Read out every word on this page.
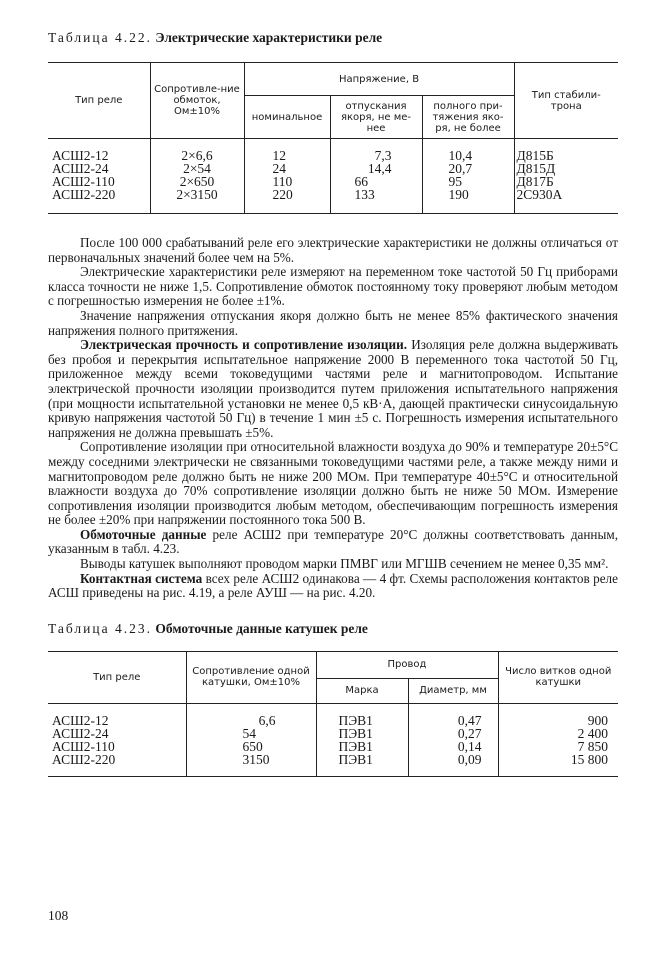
Таблица 4.22. Электрические характеристики реле
Тип реле	Сопротивле-ние обмоток, Ом±10%	Напряжение, В			Тип стабили-трона
		номинальное	отпускания якоря, не ме-нее	полного при-тяжения яко-ря, не более	
АСШ2-12	2×6,6	12	7,3	10,4	Д815Б
АСШ2-24	2×54	24	14,4	20,7	Д815Д
АСШ2-110	2×650	110	66	95	Д817Б
АСШ2-220	2×3150	220	133	190	2С930А

После 100 000 срабатываний реле его электрические характеристики не должны отличаться от первоначальных значений более чем на 5%.

Электрические характеристики реле измеряют на переменном токе частотой 50 Гц приборами класса точности не ниже 1,5. Сопротивление обмоток постоянному току проверяют любым методом с погрешностью измерения не более ±1%.

Значение напряжения отпускания якоря должно быть не менее 85% фактического значения напряжения полного притяжения.

Электрическая прочность и сопротивление изоляции. Изоляция реле должна выдерживать без пробоя и перекрытия испытательное напряжение 2000 В переменного тока частотой 50 Гц, приложенное между всеми токоведущими частями реле и магнитопроводом. Испытание электрической прочности изоляции производится путем приложения испытательного напряжения (при мощности испытательной установки не менее 0,5 кВ·А, дающей практически синусоидальную кривую напряжения частотой 50 Гц) в течение 1 мин ±5 с. Погрешность измерения испытательного напряжения не должна превышать ±5%.

Сопротивление изоляции при относительной влажности воздуха до 90% и температуре 20±5°С между соседними электрически не связанными токоведущими частями реле, а также между ними и магнитопроводом реле должно быть не ниже 200 МОм. При температуре 40±5°С и относительной влажности воздуха до 70% сопротивление изоляции должно быть не ниже 50 МОм. Измерение сопротивления изоляции производится любым методом, обеспечивающим погрешность измерения не более ±20% при напряжении постоянного тока 500 В.

Обмоточные данные реле АСШ2 при температуре 20°С должны соответствовать данным, указанным в табл. 4.23.

Выводы катушек выполняют проводом марки ПМВГ или МГШВ сечением не менее 0,35 мм².

Контактная система всех реле АСШ2 одинакова — 4 фт. Схемы расположения контактов реле АСШ приведены на рис. 4.19, а реле АУШ — на рис. 4.20.

Таблица 4.23. Обмоточные данные катушек реле
Тип реле	Сопротивление одной катушки, Ом±10%	Провод		Число витков одной катушки
		Марка	Диаметр, мм	
АСШ2-12	6,6	ПЭВ1	0,47	900
АСШ2-24	54	ПЭВ1	0,27	2 400
АСШ2-110	650	ПЭВ1	0,14	7 850
АСШ2-220	3150	ПЭВ1	0,09	15 800
108
